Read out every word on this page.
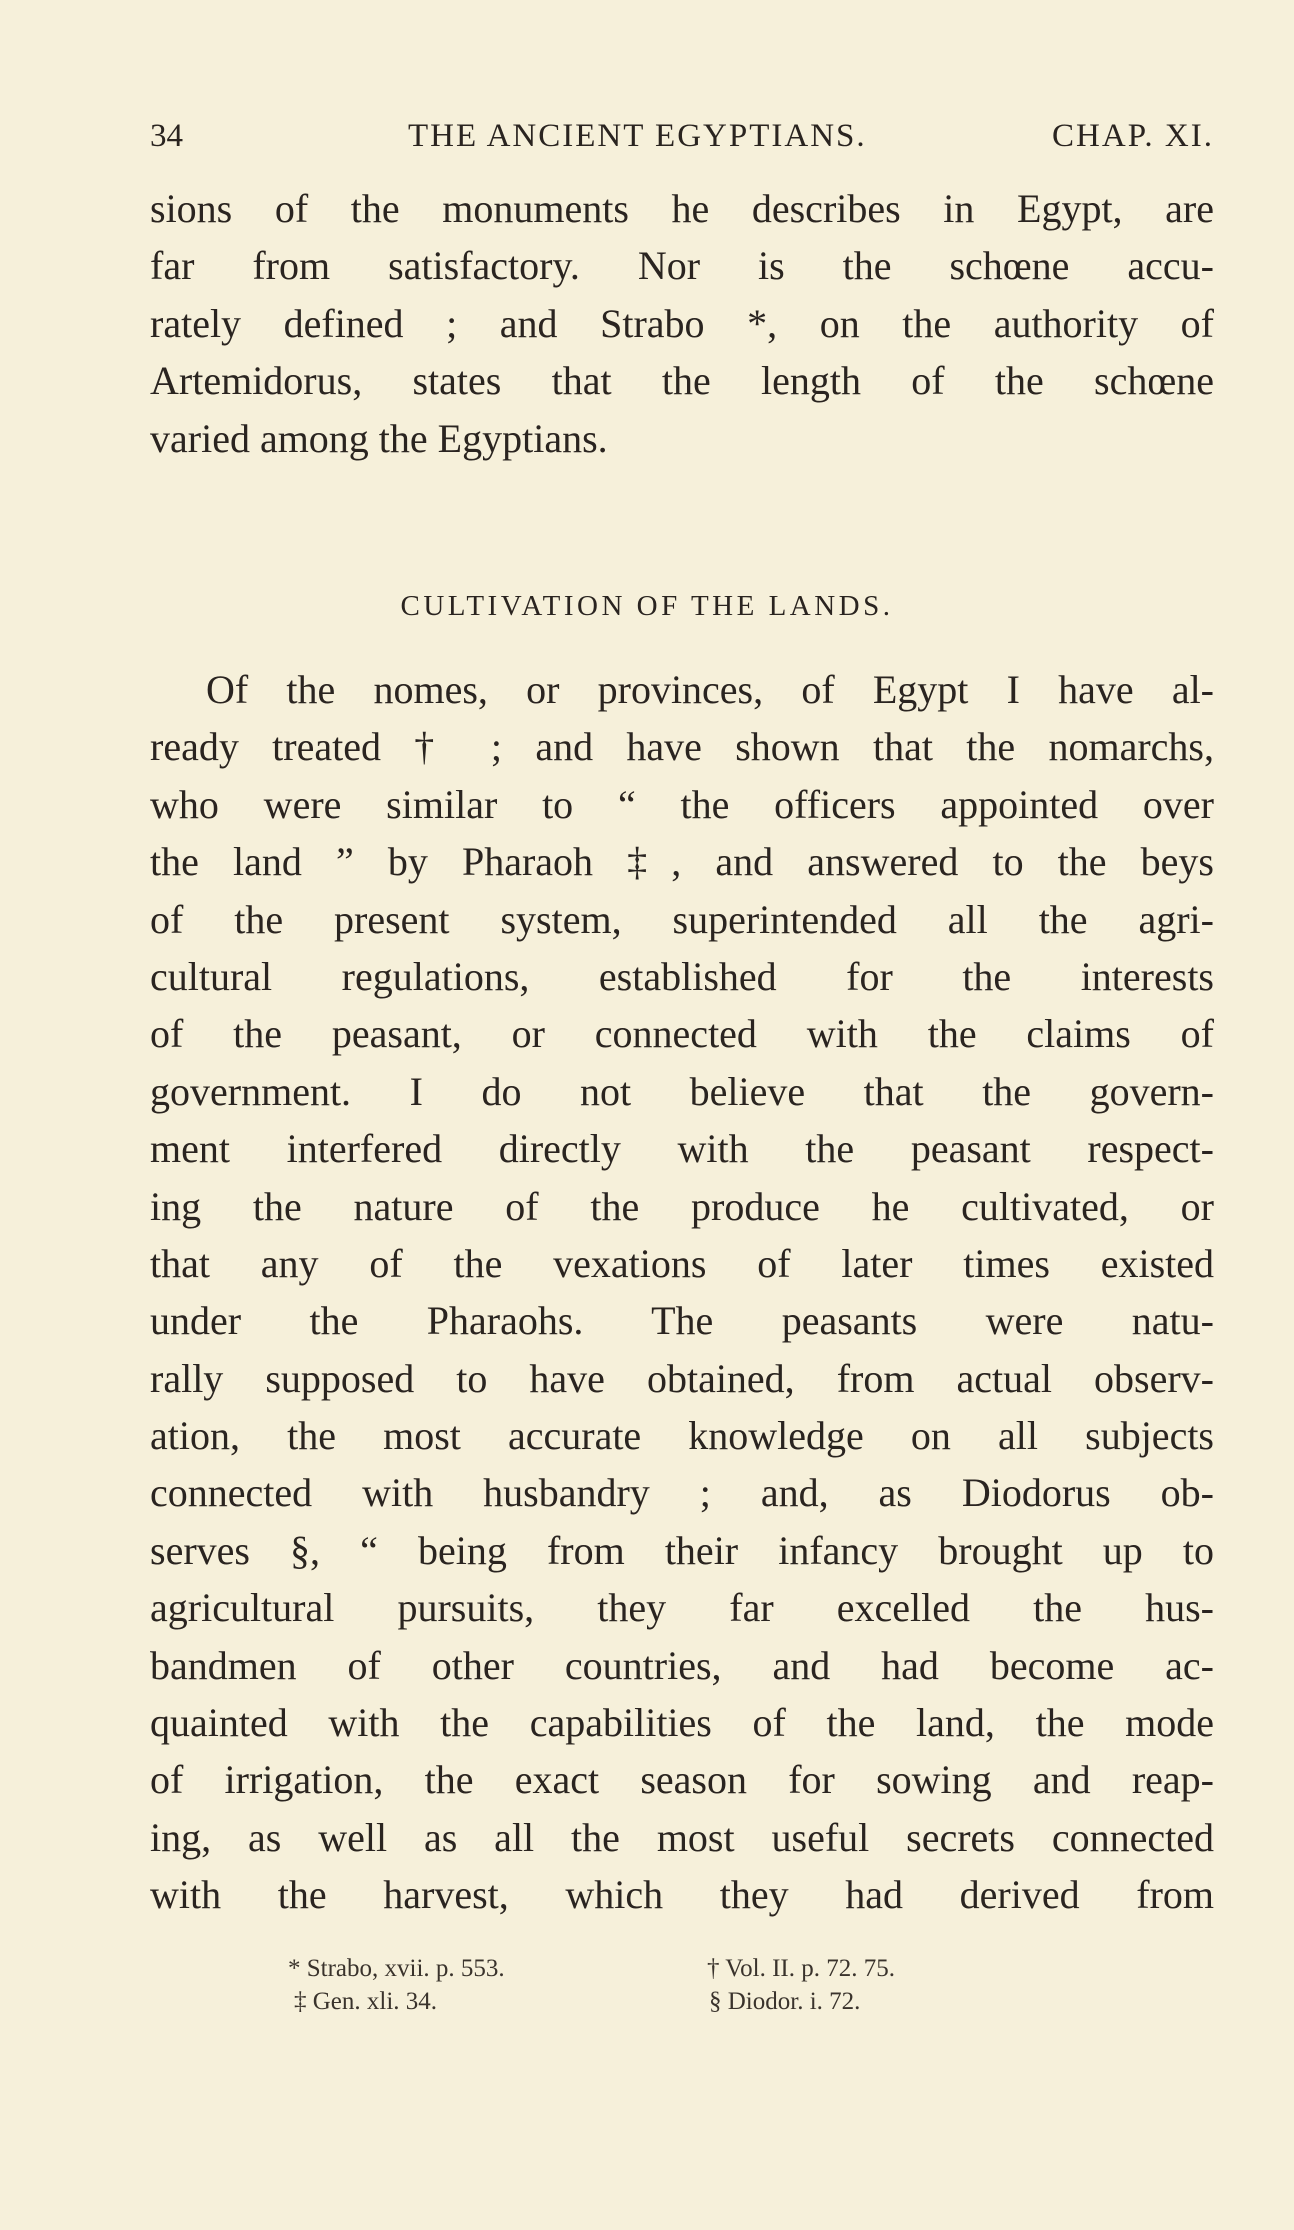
34	THE ANCIENT EGYPTIANS.	CHAP. XI.
sions of the monuments he describes in Egypt, are
far from satisfactory. Nor is the schœne accu-
rately defined ; and Strabo *, on the authority of
Artemidorus, states that the length of the schœne
varied among the Egyptians.
CULTIVATION OF THE LANDS.
Of the nomes, or provinces, of Egypt I have al-
ready treated † ; and have shown that the nomarchs,
who were similar to “ the officers appointed over
the land ” by Pharaoh ‡, and answered to the beys
of the present system, superintended all the agri-
cultural regulations, established for the interests
of the peasant, or connected with the claims of
government. I do not believe that the govern-
ment interfered directly with the peasant respect-
ing the nature of the produce he cultivated, or
that any of the vexations of later times existed
under the Pharaohs. The peasants were natu-
rally supposed to have obtained, from actual observ-
ation, the most accurate knowledge on all subjects
connected with husbandry ; and, as Diodorus ob-
serves §, “ being from their infancy brought up to
agricultural pursuits, they far excelled the hus-
bandmen of other countries, and had become ac-
quainted with the capabilities of the land, the mode
of irrigation, the exact season for sowing and reap-
ing, as well as all the most useful secrets connected
with the harvest, which they had derived from
* Strabo, xvii. p. 553.	† Vol. II. p. 72. 75.
‡ Gen. xli. 34.	§ Diodor. i. 72.
